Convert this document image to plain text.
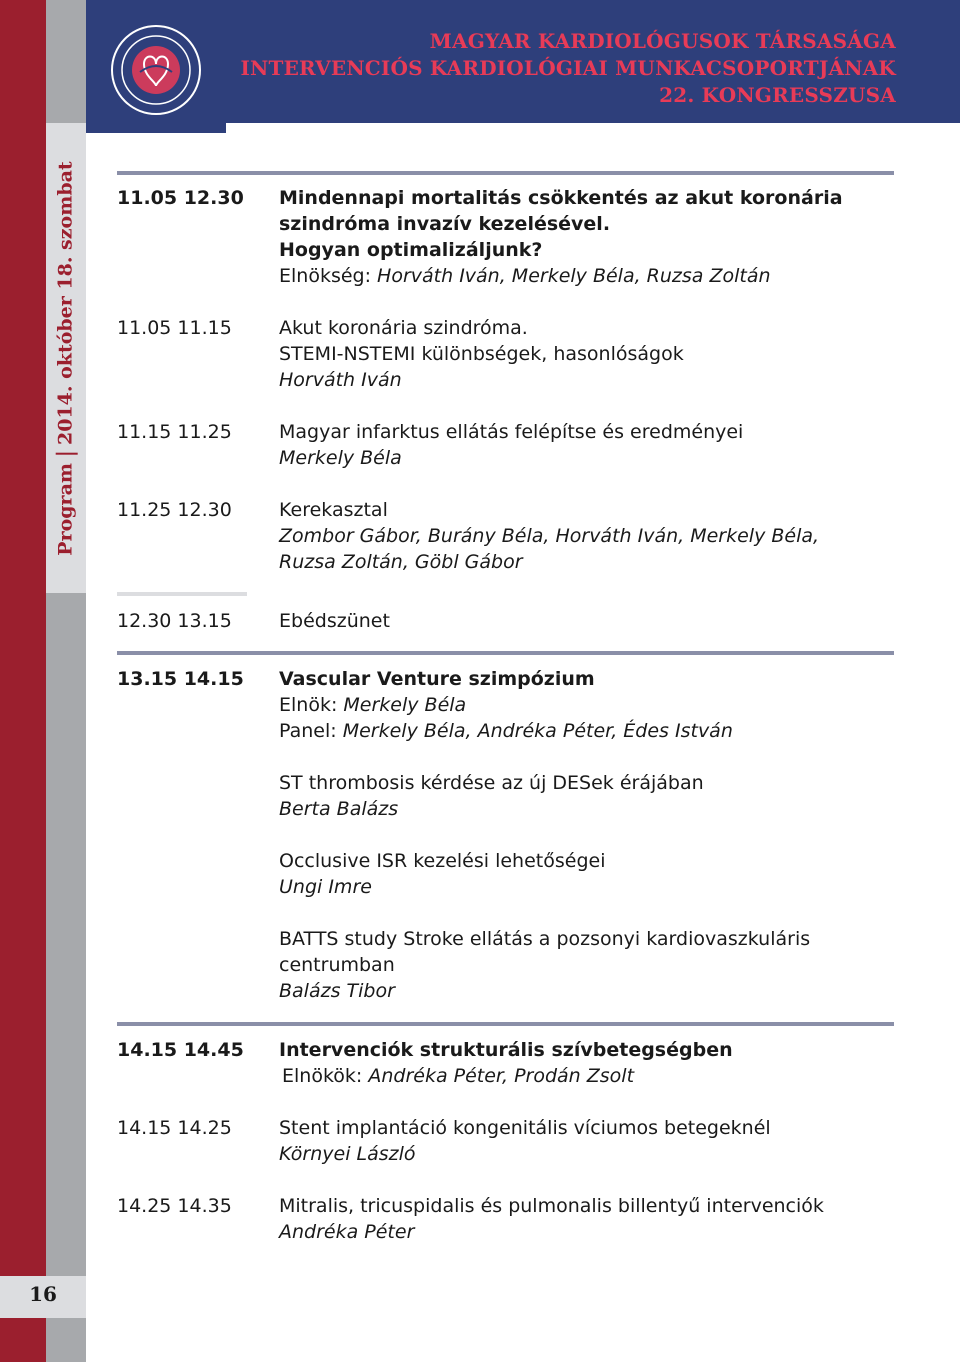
Program2014. október 18. szombat
MAGYAR KARDIOLÓGUSOK TÁRSASÁGA
INTERVENCIÓS KARDIOLÓGIAI MUNKACSOPORTJÁNAK
22. KONGRESSZUSA
11.05 12.30 Mindennapi mortalitás csökkentés az akut koronária
szindróma invazív kezelésével.
Hogyan optimalizáljunk?
Elnökség: Horváth Iván, Merkely Béla, Ruzsa Zoltán
11.05 11.15 Akut koronária szindróma.
STEMI-NSTEMI különbségek, hasonlóságok
Horváth Iván
11.15 11.25 Magyar infarktus ellátás felépítse és eredményei
Merkely Béla
11.25 12.30 Kerekasztal
Zombor Gábor, Burány Béla, Horváth Iván, Merkely Béla,
Ruzsa Zoltán, Göbl Gábor
12.30 13.15 Ebédszünet
13.15 14.15 Vascular Venture szimpózium
Elnök: Merkely Béla
Panel: Merkely Béla, Andréka Péter, Édes István
ST thrombosis kérdése az új DESek érájában
Berta Balázs
Occlusive ISR kezelési lehetőségei
Ungi Imre
BATTS study Stroke ellátás a pozsonyi kardiovaszkuláris
centrumban
Balázs Tibor
14.15 14.45 Intervenciók strukturális szívbetegségben
Elnökök: Andréka Péter, Prodán Zsolt
14.15 14.25 Stent implantáció kongenitális víciumos betegeknél
Környei László
14.25 14.35 Mitralis, tricuspidalis és pulmonalis billentyű intervenciók
Andréka Péter
16
